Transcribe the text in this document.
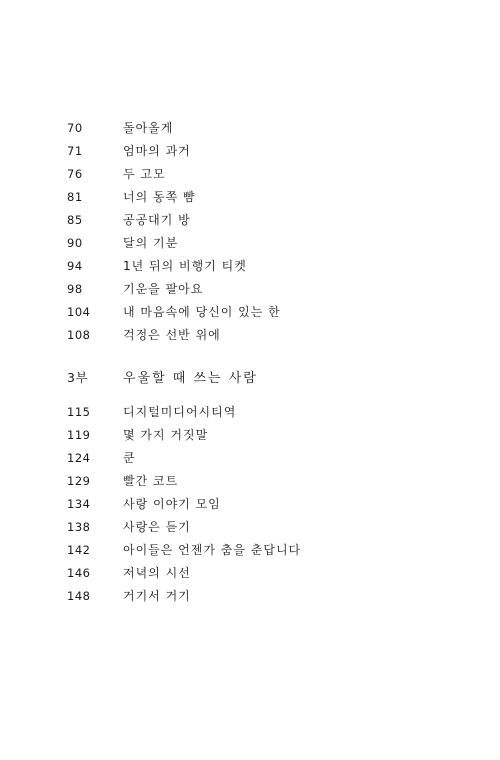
70	돌아올게
71	엄마의 과거
76	두 고모
81	너의 동쪽 뺨
85	공공대기 방
90	달의 기분
94	1년 뒤의 비행기 티켓
98	기운을 팔아요
104	내 마음속에 당신이 있는 한
108	걱정은 선반 위에
3부	우울할 때 쓰는 사람
115	디지털미디어시티역
119	몇 가지 거짓말
124	쿤
129	빨간 코트
134	사랑 이야기 모임
138	사랑은 듣기
142	아이들은 언젠가 춤을 춘답니다
146	저녁의 시선
148	거기서 거기
